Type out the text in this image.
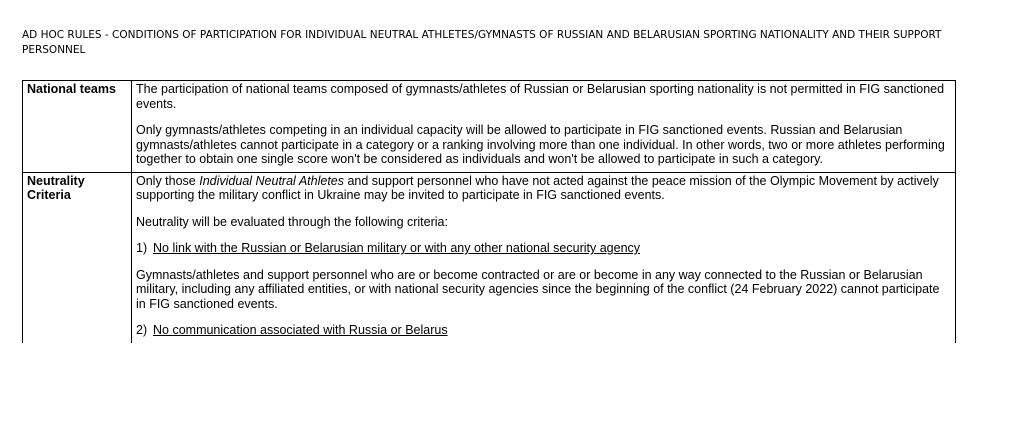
AD HOC RULES - CONDITIONS OF PARTICIPATION FOR INDIVIDUAL NEUTRAL ATHLETES/GYMNASTS OF RUSSIAN AND BELARUSIAN SPORTING NATIONALITY AND THEIR SUPPORT PERSONNEL
National teams	The participation of national teams composed of gymnasts/athletes of Russian or Belarusian sporting nationality is not permitted in FIG sanctioned events.

Only gymnasts/athletes competing in an individual capacity will be allowed to participate in FIG sanctioned events. Russian and Belarusian gymnasts/athletes cannot participate in a category or a ranking involving more than one individual. In other words, two or more athletes performing together to obtain one single score won't be considered as individuals and won't be allowed to participate in such a category.

Neutrality Criteria	Only those Individual Neutral Athletes and support personnel who have not acted against the peace mission of the Olympic Movement by actively supporting the military conflict in Ukraine may be invited to participate in FIG sanctioned events.

Neutrality will be evaluated through the following criteria:

1) No link with the Russian or Belarusian military or with any other national security agency

Gymnasts/athletes and support personnel who are or become contracted or are or become in any way connected to the Russian or Belarusian military, including any affiliated entities, or with national security agencies since the beginning of the conflict (24 February 2022) cannot participate in FIG sanctioned events.

2) No communication associated with Russia or Belarus
